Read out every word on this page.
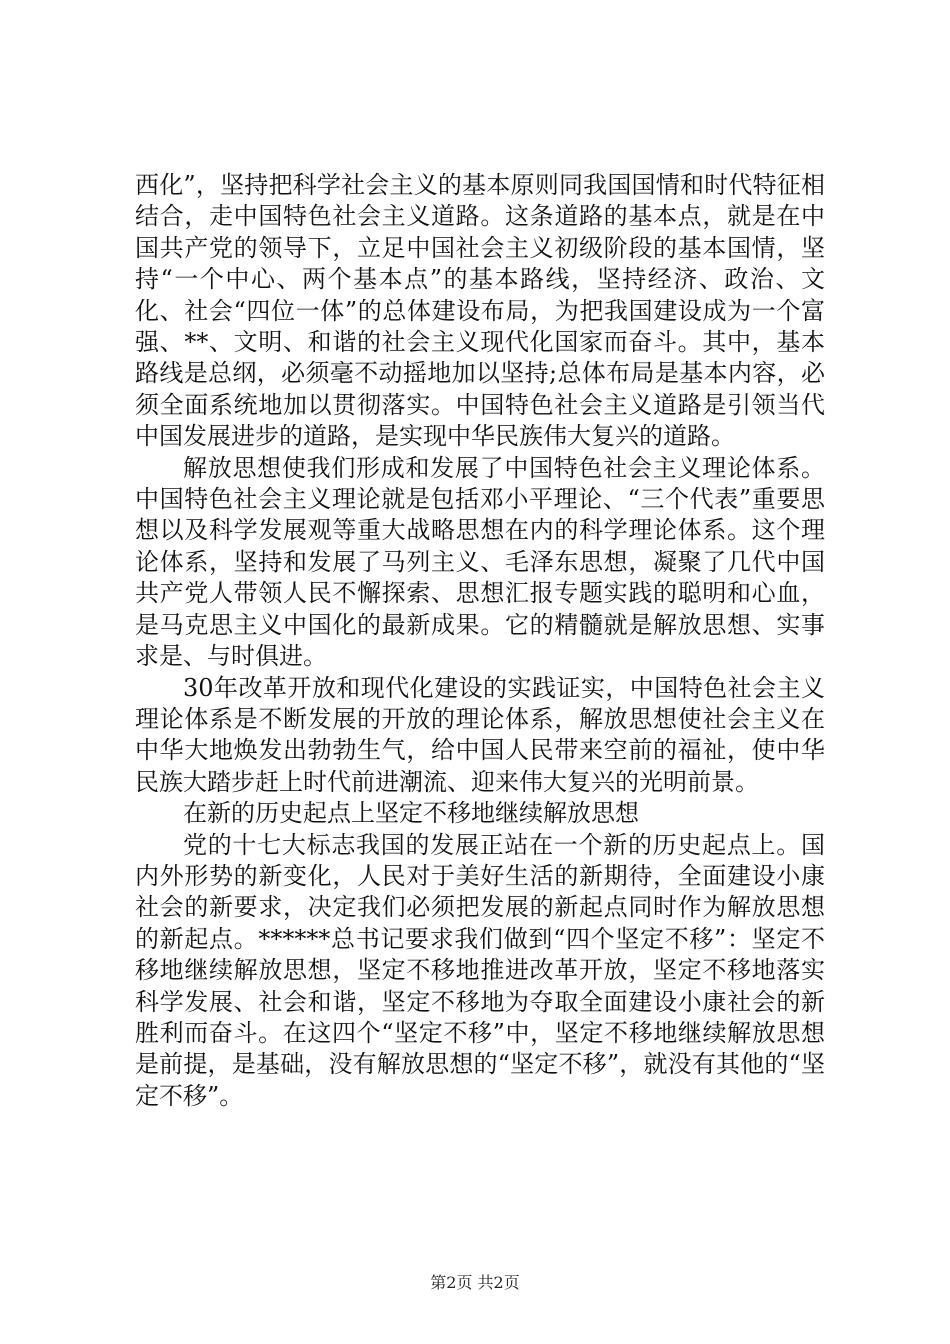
西化”，坚持把科学社会主义的基本原则同我国国情和时代特征相结合，走中国特色社会主义道路。这条道路的基本点，就是在中国共产党的领导下，立足中国社会主义初级阶段的基本国情，坚持“一个中心、两个基本点”的基本路线，坚持经济、政治、文化、社会“四位一体”的总体建设布局，为把我国建设成为一个富强、**、文明、和谐的社会主义现代化国家而奋斗。其中，基本路线是总纲，必须毫不动摇地加以坚持;总体布局是基本内容，必须全面系统地加以贯彻落实。中国特色社会主义道路是引领当代中国发展进步的道路，是实现中华民族伟大复兴的道路。

解放思想使我们形成和发展了中国特色社会主义理论体系。中国特色社会主义理论就是包括邓小平理论、“三个代表”重要思想以及科学发展观等重大战略思想在内的科学理论体系。这个理论体系，坚持和发展了马列主义、毛泽东思想，凝聚了几代中国共产党人带领人民不懈探索、思想汇报专题实践的聪明和心血，是马克思主义中国化的最新成果。它的精髓就是解放思想、实事求是、与时俱进。

30年改革开放和现代化建设的实践证实，中国特色社会主义理论体系是不断发展的开放的理论体系，解放思想使社会主义在中华大地焕发出勃勃生气，给中国人民带来空前的福祉，使中华民族大踏步赶上时代前进潮流、迎来伟大复兴的光明前景。

在新的历史起点上坚定不移地继续解放思想

党的十七大标志我国的发展正站在一个新的历史起点上。国内外形势的新变化，人民对于美好生活的新期待，全面建设小康社会的新要求，决定我们必须把发展的新起点同时作为解放思想的新起点。******总书记要求我们做到“四个坚定不移”：坚定不移地继续解放思想，坚定不移地推进改革开放，坚定不移地落实科学发展、社会和谐，坚定不移地为夺取全面建设小康社会的新胜利而奋斗。在这四个“坚定不移”中，坚定不移地继续解放思想是前提，是基础，没有解放思想的“坚定不移”，就没有其他的“坚定不移”。

第2页 共2页
